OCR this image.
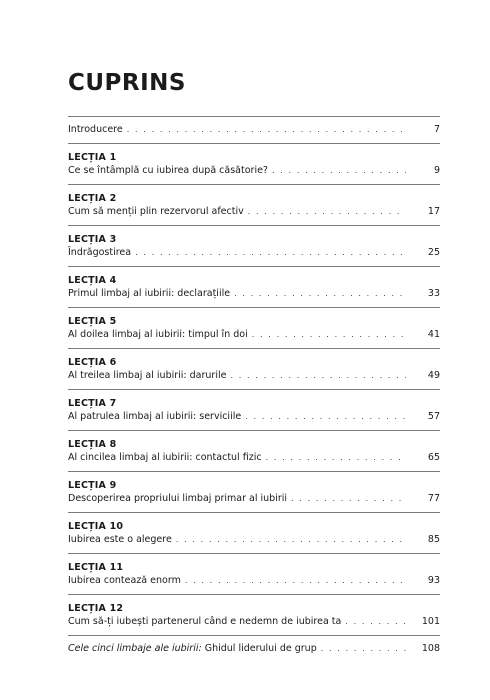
CUPRINS
Introducere . . .	7
LECȚIA 1
Ce se întâmplă cu iubirea după căsătorie? . . .	9
LECȚIA 2
Cum să menții plin rezervorul afectiv . . .	17
LECȚIA 3
Îndrăgostirea . . .	25
LECȚIA 4
Primul limbaj al iubirii: declarațiile . . .	33
LECȚIA 5
Al doilea limbaj al iubirii: timpul în doi . . .	41
LECȚIA 6
Al treilea limbaj al iubirii: darurile . . .	49
LECȚIA 7
Al patrulea limbaj al iubirii: serviciile . . .	57
LECȚIA 8
Al cincilea limbaj al iubirii: contactul fizic . . .	65
LECȚIA 9
Descoperirea propriului limbaj primar al iubirii . . .	77
LECȚIA 10
Iubirea este o alegere . . .	85
LECȚIA 11
Iubirea contează enorm . . .	93
LECȚIA 12
Cum să-ți iubești partenerul când e nedemn de iubirea ta . . .	101
Cele cinci limbaje ale iubirii: Ghidul liderului de grup . . .	108
